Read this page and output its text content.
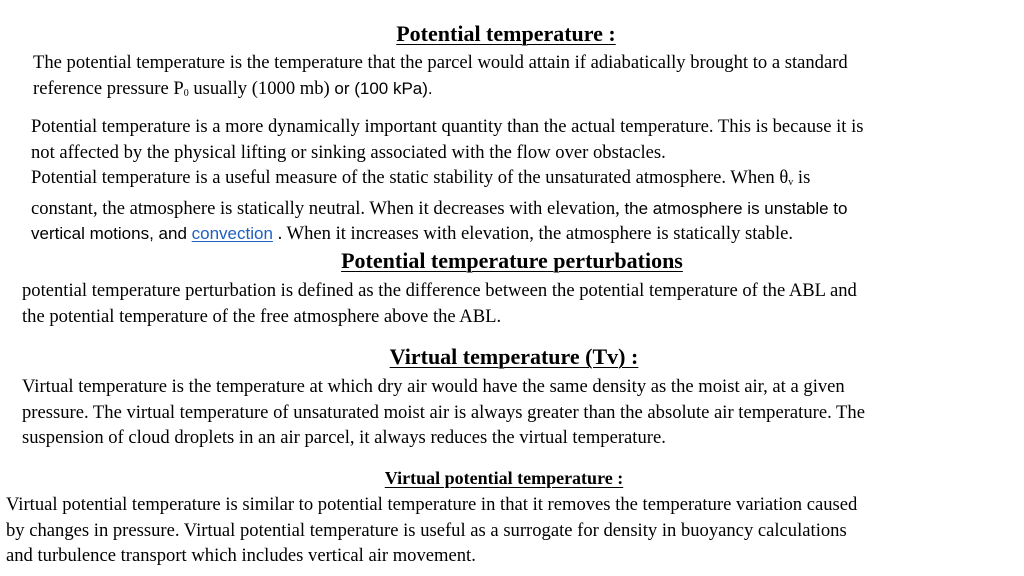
Potential temperature :
The potential temperature is the temperature that the parcel would attain if adiabatically brought to a standard
reference pressure $P_0$ usually (1000 mb) or (100 kPa).
Potential temperature is a more dynamically important quantity than the actual temperature. This is because it is
not affected by the physical lifting or sinking associated with the flow over obstacles.
Potential temperature is a useful measure of the static stability of the unsaturated atmosphere. When θv is
constant, the atmosphere is statically neutral. When it decreases with elevation, the atmosphere is unstable to
vertical motions, and convection . When it increases with elevation, the atmosphere is statically stable.
Potential temperature perturbations
potential temperature perturbation is defined as the difference between the potential temperature of the ABL and
the potential temperature of the free atmosphere above the ABL.
Virtual temperature (Tv) :
Virtual temperature is the temperature at which dry air would have the same density as the moist air, at a given
pressure. The virtual temperature of unsaturated moist air is always greater than the absolute air temperature. The
suspension of cloud droplets in an air parcel, it always reduces the virtual temperature.
Virtual potential temperature :
Virtual potential temperature is similar to potential temperature in that it removes the temperature variation caused
by changes in pressure. Virtual potential temperature is useful as a surrogate for density in buoyancy calculations
and turbulence transport which includes vertical air movement.
